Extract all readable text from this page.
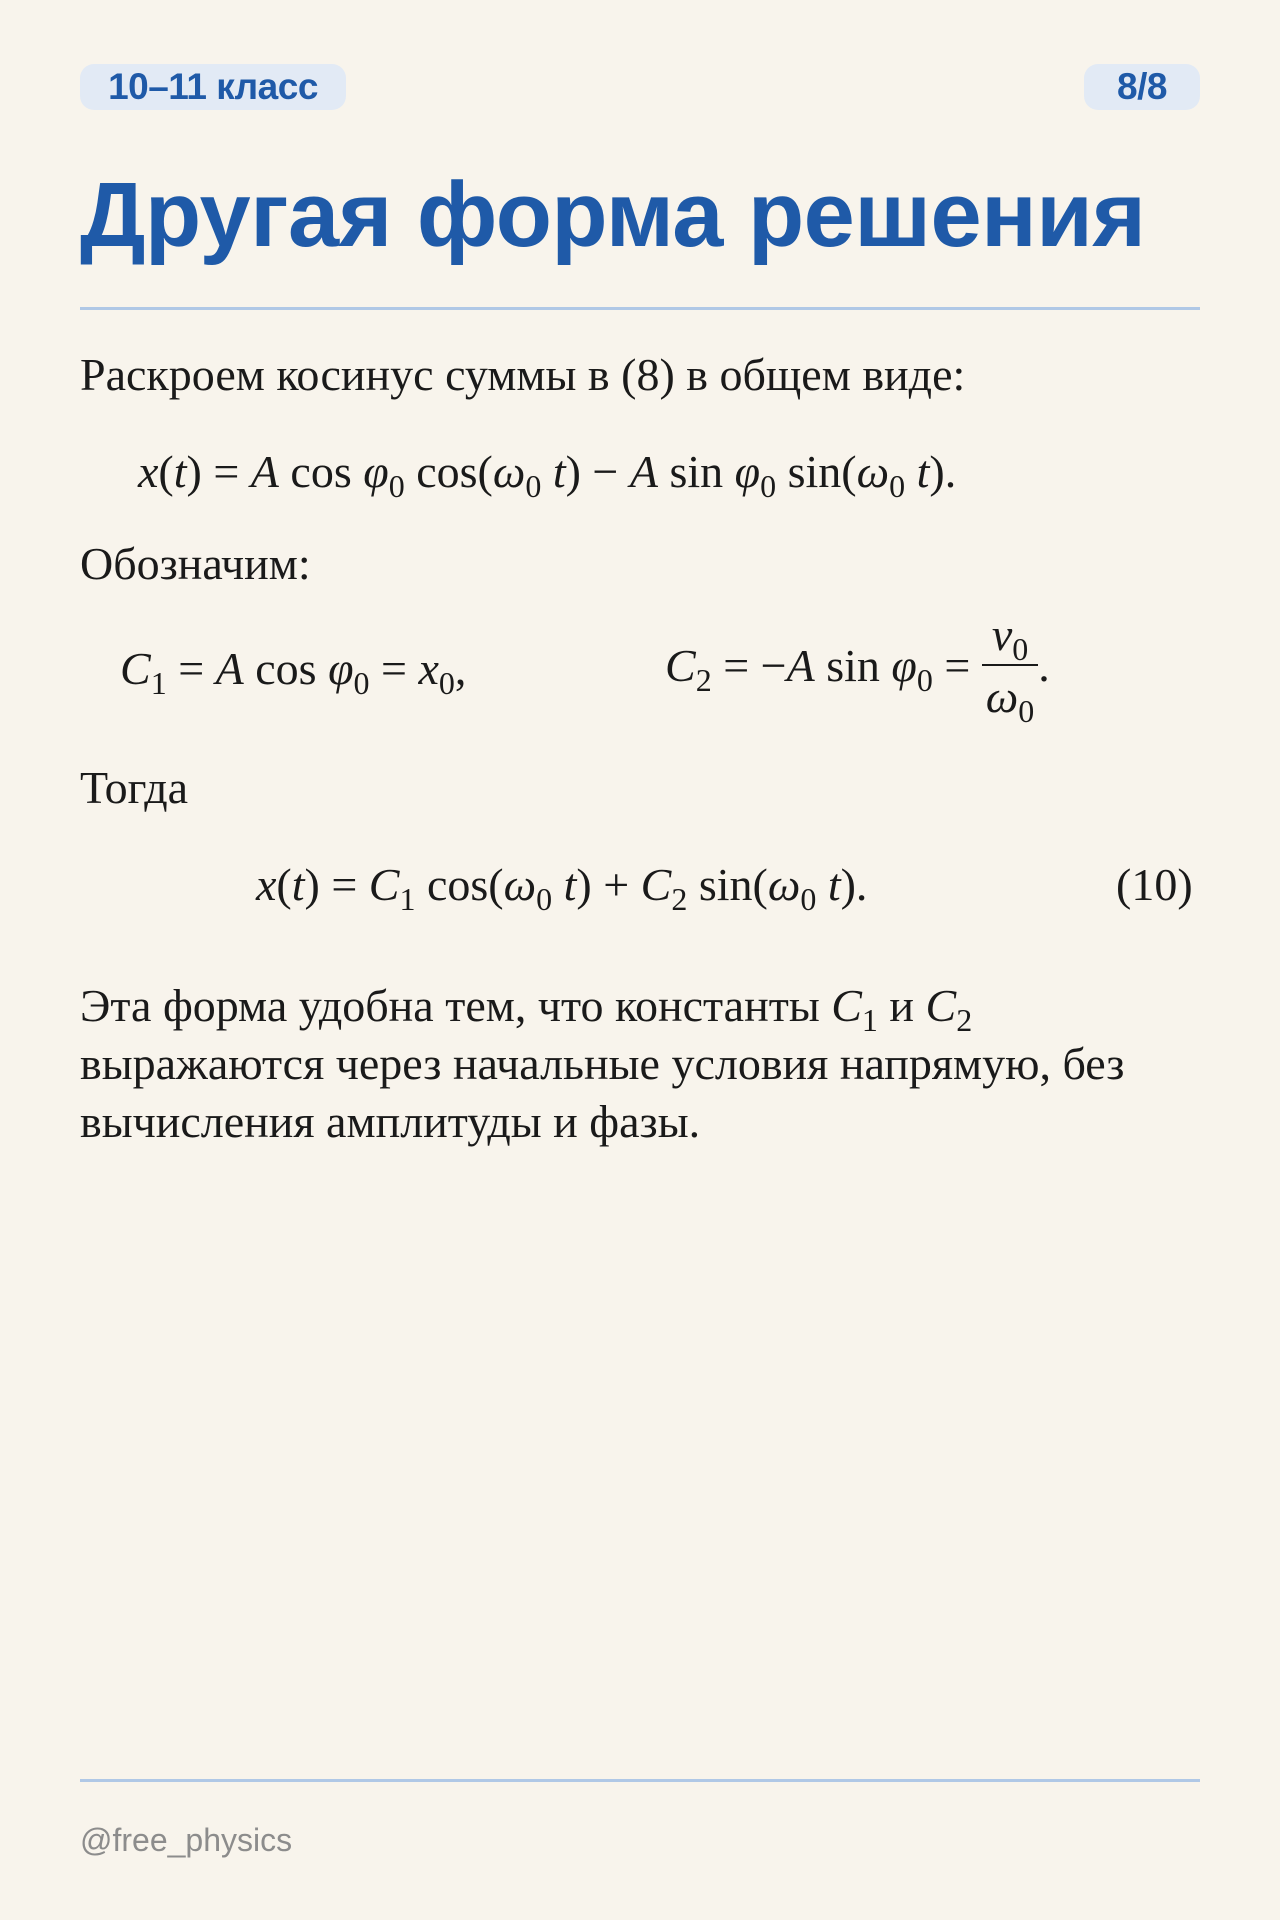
10–11 класс	8/8
Другая форма решения
Раскроем косинус суммы в (8) в общем виде:
x(t) = A $\cos \varphi_0$ $\cos(\omega_0$ t) − A $\sin \varphi_0$ $\sin(\omega_0$ t).
Обозначим:
$C_1 = A$ $\cos \varphi_0 = x_0$,	$C_2 = -A$ $\sin \varphi_0 = \frac{v_0}{\omega_0}$ .
Тогда
$x(t) = C_1$ $\cos(\omega_0$ $t) + C_2$ $\sin(\omega_0$ t).	(10)
Эта форма удобна тем, что константы $C_1$ и $C_2$ выражаются через начальные условия напрямую, без вычисления амплитуды и фазы.
@free_physics
